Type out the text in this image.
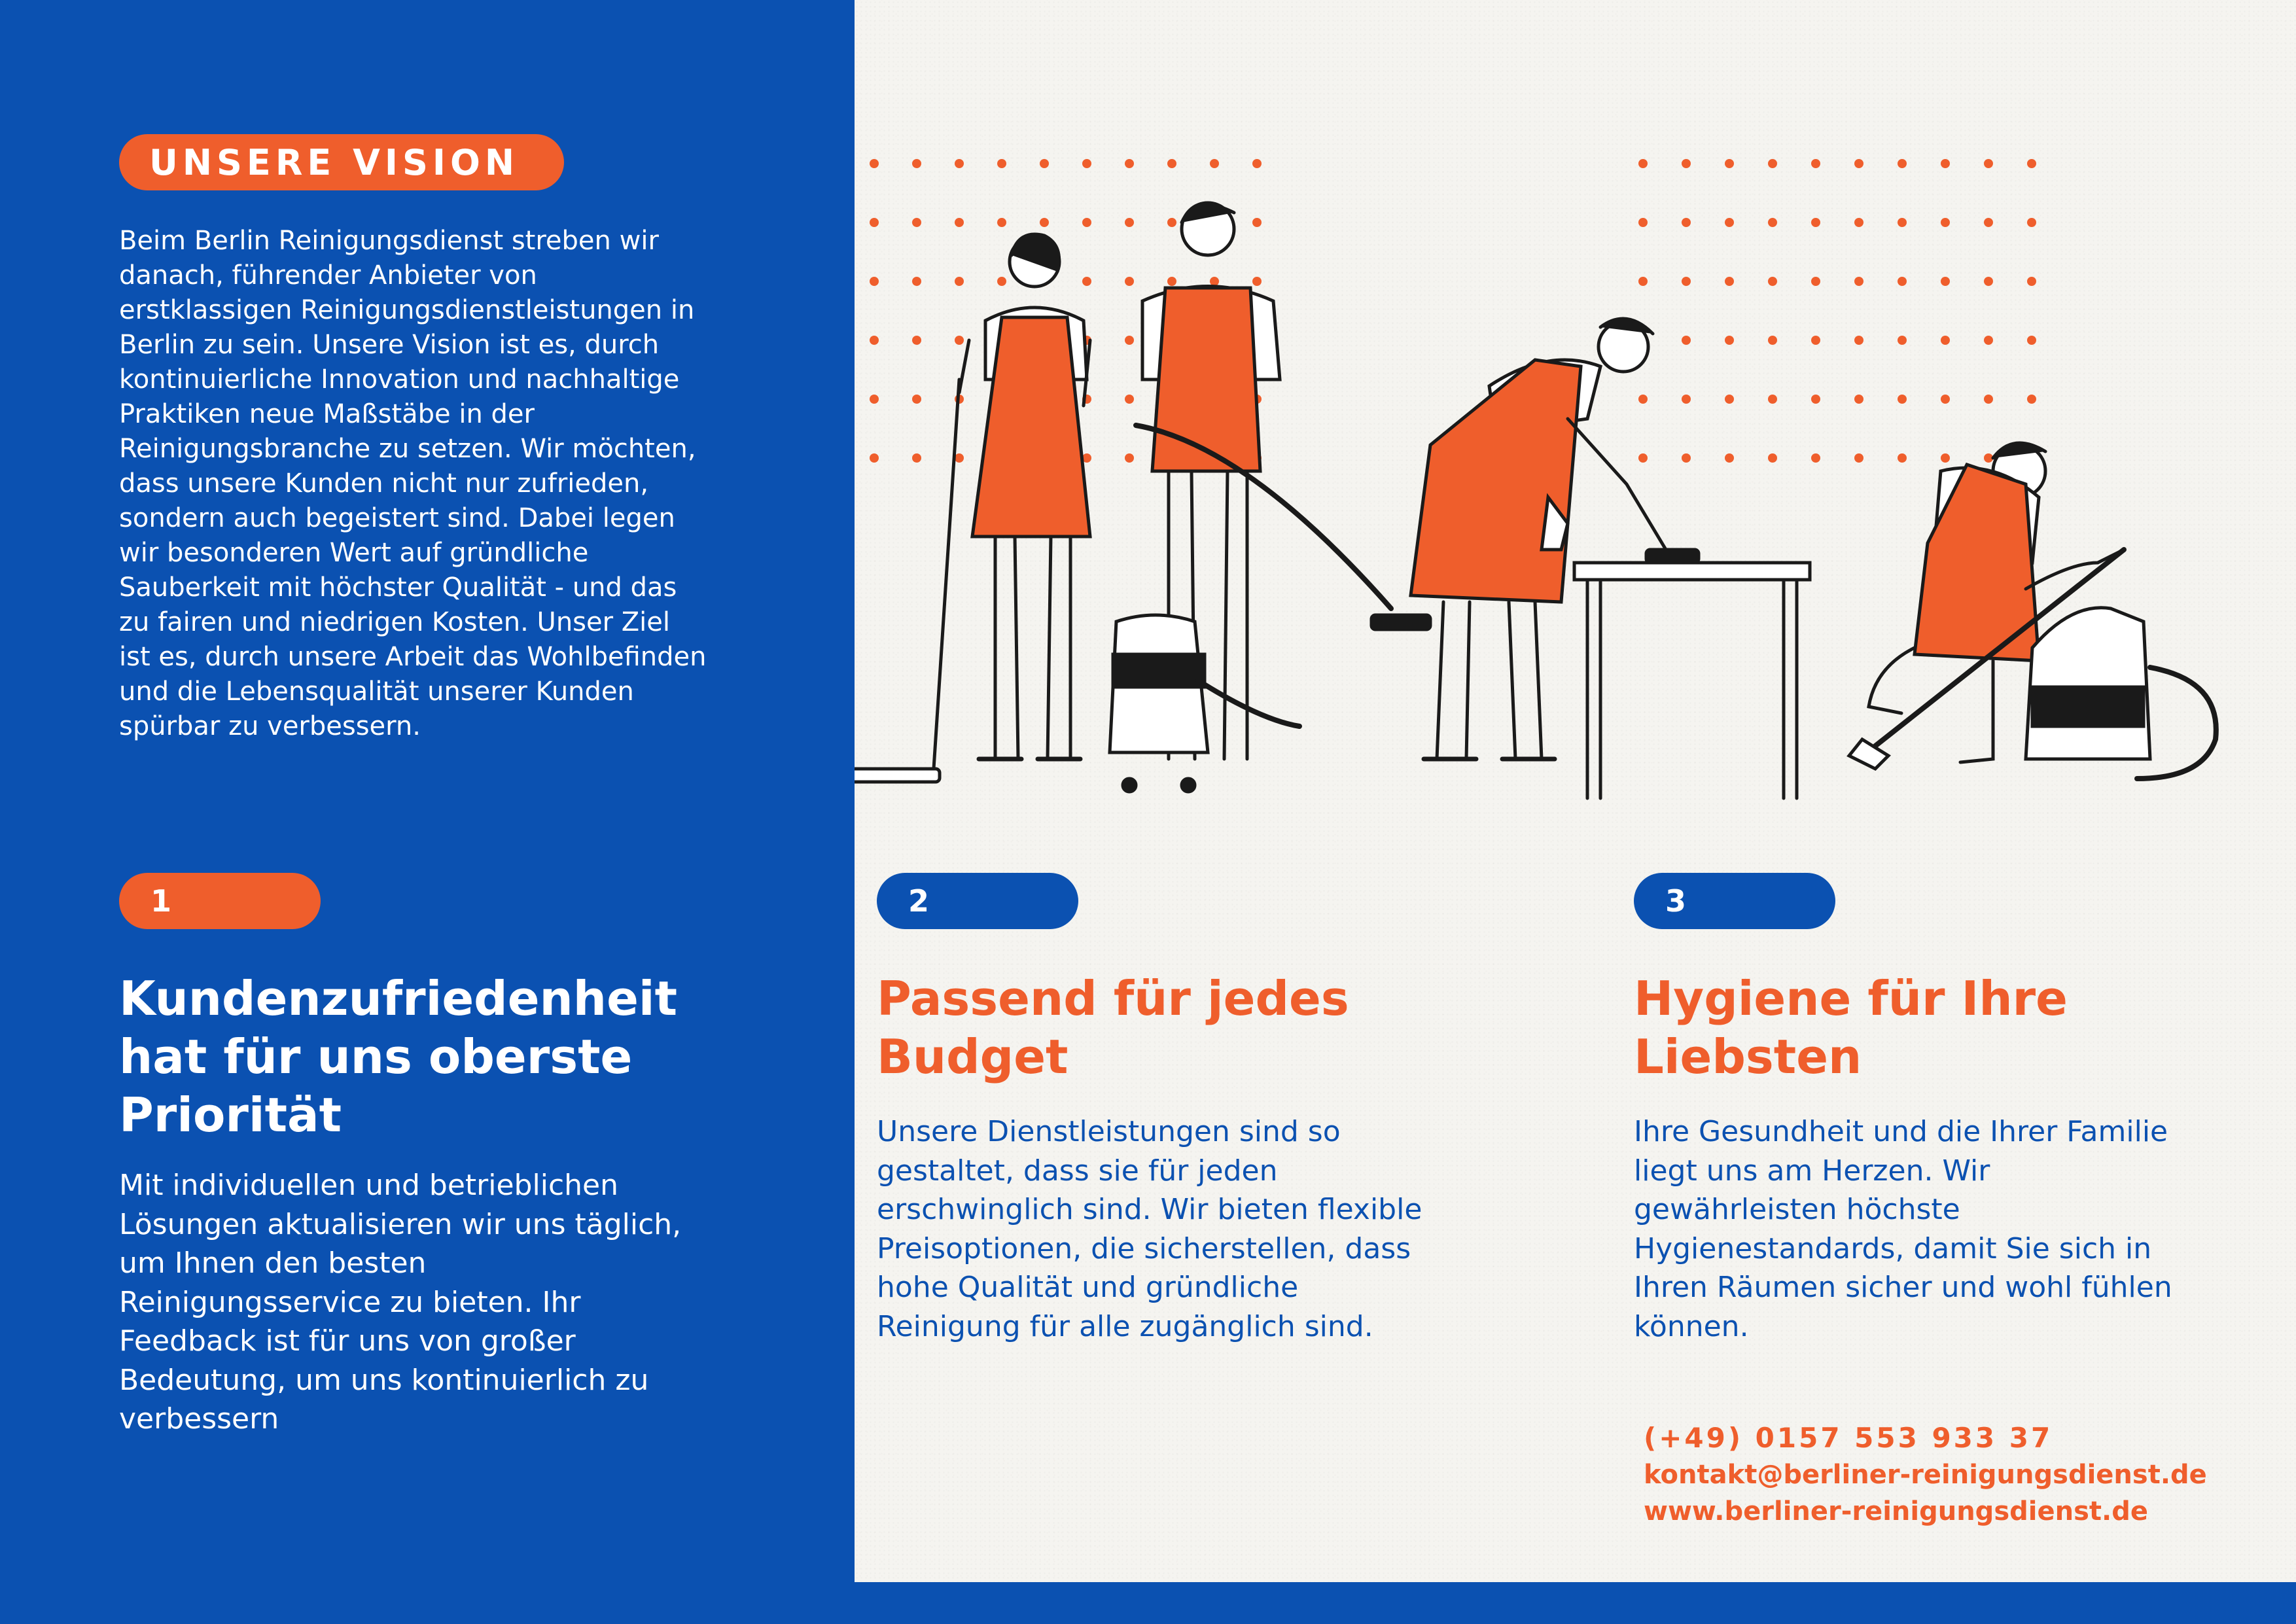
UNSERE VISION
Beim Berlin Reinigungsdienst streben wir danach, führender Anbieter von erstklassigen Reinigungsdienstleistungen in Berlin zu sein. Unsere Vision ist es, durch kontinuierliche Innovation und nachhaltige Praktiken neue Maßstäbe in der Reinigungsbranche zu setzen. Wir möchten, dass unsere Kunden nicht nur zufrieden, sondern auch begeistert sind. Dabei legen wir besonderen Wert auf gründliche Sauberkeit mit höchster Qualität - und das zu fairen und niedrigen Kosten. Unser Ziel ist es, durch unsere Arbeit das Wohlbefinden und die Lebensqualität unserer Kunden spürbar zu verbessern.
1
Kundenzufriedenheit hat für uns oberste Priorität
Mit individuellen und betrieblichen Lösungen aktualisieren wir uns täglich, um Ihnen den besten Reinigungsservice zu bieten. Ihr Feedback ist für uns von großer Bedeutung, um uns kontinuierlich zu verbessern
2
Passend für jedes Budget
Unsere Dienstleistungen sind so gestaltet, dass sie für jeden erschwinglich sind. Wir bieten flexible Preisoptionen, die sicherstellen, dass hohe Qualität und gründliche Reinigung für alle zugänglich sind.
3
Hygiene für Ihre Liebsten
Ihre Gesundheit und die Ihrer Familie liegt uns am Herzen. Wir gewährleisten höchste Hygienestandards, damit Sie sich in Ihren Räumen sicher und wohl fühlen können.
(+49) 0157 553 933 37
kontakt@berliner-reinigungsdienst.de
www.berliner-reinigungsdienst.de
